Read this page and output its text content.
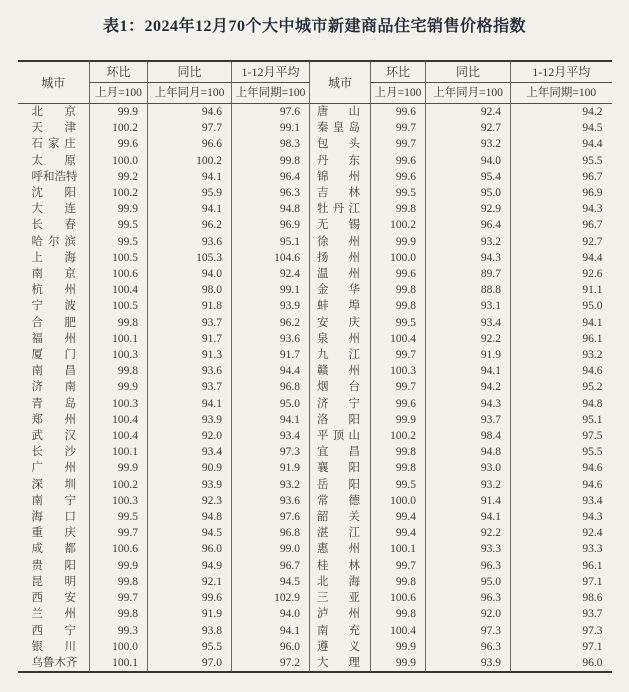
表1：2024年12月70个大中城市新建商品住宅销售价格指数
城市	环比	同比	1-12月平均	城市	环比	同比	1-12月平均
	上月=100	上年同月=100	上年同期=100		上月=100	上年同月=100	上年同期=100
北京	99.9	94.6	97.6	唐山	99.6	92.4	94.2
天津	100.2	97.7	99.1	秦皇岛	99.7	92.7	94.5
石家庄	99.6	96.6	98.3	包头	99.7	93.2	94.4
太原	100.0	100.2	99.8	丹东	99.6	94.0	95.5
呼和浩特	99.2	94.1	96.4	锦州	99.6	95.4	96.7
沈阳	100.2	95.9	96.3	吉林	99.5	95.0	96.9
大连	99.9	94.1	94.8	牡丹江	99.8	92.9	94.3
长春	99.5	96.2	96.9	无锡	100.2	96.4	96.7
哈尔滨	99.5	93.6	95.1	徐州	99.9	93.2	92.7
上海	100.5	105.3	104.6	扬州	100.0	94.3	94.4
南京	100.6	94.0	92.4	温州	99.6	89.7	92.6
杭州	100.4	98.0	99.1	金华	99.8	88.8	91.1
宁波	100.5	91.8	93.9	蚌埠	99.8	93.1	95.0
合肥	99.8	93.7	96.2	安庆	99.5	93.4	94.1
福州	100.1	91.7	93.6	泉州	100.4	92.2	96.1
厦门	100.3	91.3	91.7	九江	99.7	91.9	93.2
南昌	99.8	93.6	94.4	赣州	100.3	94.1	94.6
济南	99.9	93.7	96.8	烟台	99.7	94.2	95.2
青岛	100.3	94.1	95.0	济宁	99.6	94.3	94.8
郑州	100.4	93.9	94.1	洛阳	99.9	93.7	95.1
武汉	100.4	92.0	93.4	平顶山	100.2	98.4	97.5
长沙	100.1	93.4	97.3	宜昌	99.8	94.8	95.5
广州	99.9	90.9	91.9	襄阳	99.8	93.0	94.6
深圳	100.2	93.9	93.2	岳阳	99.5	93.2	94.6
南宁	100.3	92.3	93.6	常德	100.0	91.4	93.4
海口	99.5	94.8	97.6	韶关	99.4	94.1	94.3
重庆	99.7	94.5	96.8	湛江	99.4	92.2	92.4
成都	100.6	96.0	99.0	惠州	100.1	93.3	93.3
贵阳	99.9	94.9	96.7	桂林	99.7	96.3	96.1
昆明	99.8	92.1	94.5	北海	99.8	95.0	97.1
西安	99.7	99.6	102.9	三亚	100.6	96.3	98.6
兰州	99.8	91.9	94.0	泸州	99.8	92.0	93.7
西宁	99.3	93.8	94.1	南充	100.4	97.3	97.3
银川	100.0	95.5	96.0	遵义	99.9	96.3	97.1
乌鲁木齐	100.1	97.0	97.2	大理	99.9	93.9	96.0
